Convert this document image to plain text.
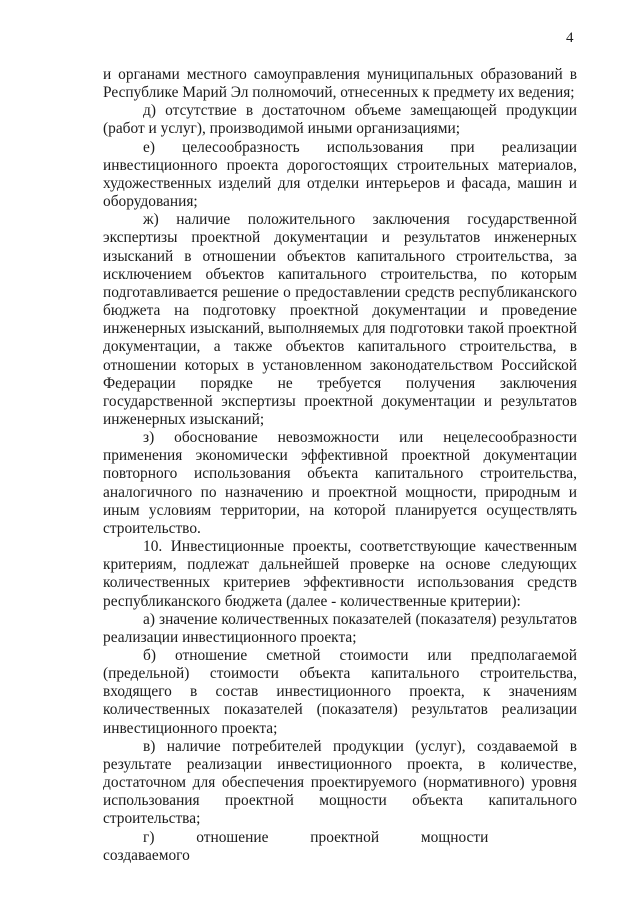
4

и органами местного самоуправления муниципальных образований в Республике Марий Эл полномочий, отнесенных к предмету их ведения;

д) отсутствие в достаточном объеме замещающей продукции (работ и услуг), производимой иными организациями;

е) целесообразность использования при реализации инвестиционного проекта дорогостоящих строительных материалов, художественных изделий для отделки интерьеров и фасада, машин и оборудования;

ж) наличие положительного заключения государственной экспертизы проектной документации и результатов инженерных изысканий в отношении объектов капитального строительства, за исключением объектов капитального строительства, по которым подготавливается решение о предоставлении средств республиканского бюджета на подготовку проектной документации и проведение инженерных изысканий, выполняемых для подготовки такой проектной документации, а также объектов капитального строительства, в отношении которых в установленном законодательством Российской Федерации порядке не требуется получения заключения государственной экспертизы проектной документации и результатов инженерных изысканий;

з) обоснование невозможности или нецелесообразности применения экономически эффективной проектной документации повторного использования объекта капитального строительства, аналогичного по назначению и проектной мощности, природным и иным условиям территории, на которой планируется осуществлять строительство.

10. Инвестиционные проекты, соответствующие качественным критериям, подлежат дальнейшей проверке на основе следующих количественных критериев эффективности использования средств республиканского бюджета (далее - количественные критерии):

а) значение количественных показателей (показателя) результатов реализации инвестиционного проекта;

б) отношение сметной стоимости или предполагаемой (предельной) стоимости объекта капитального строительства, входящего в состав инвестиционного проекта, к значениям количественных показателей (показателя) результатов реализации инвестиционного проекта;

в) наличие потребителей продукции (услуг), создаваемой в результате реализации инвестиционного проекта, в количестве, достаточном для обеспечения проектируемого (нормативного) уровня использования проектной мощности объекта капитального строительства;

г) отношение проектной мощности создаваемого
